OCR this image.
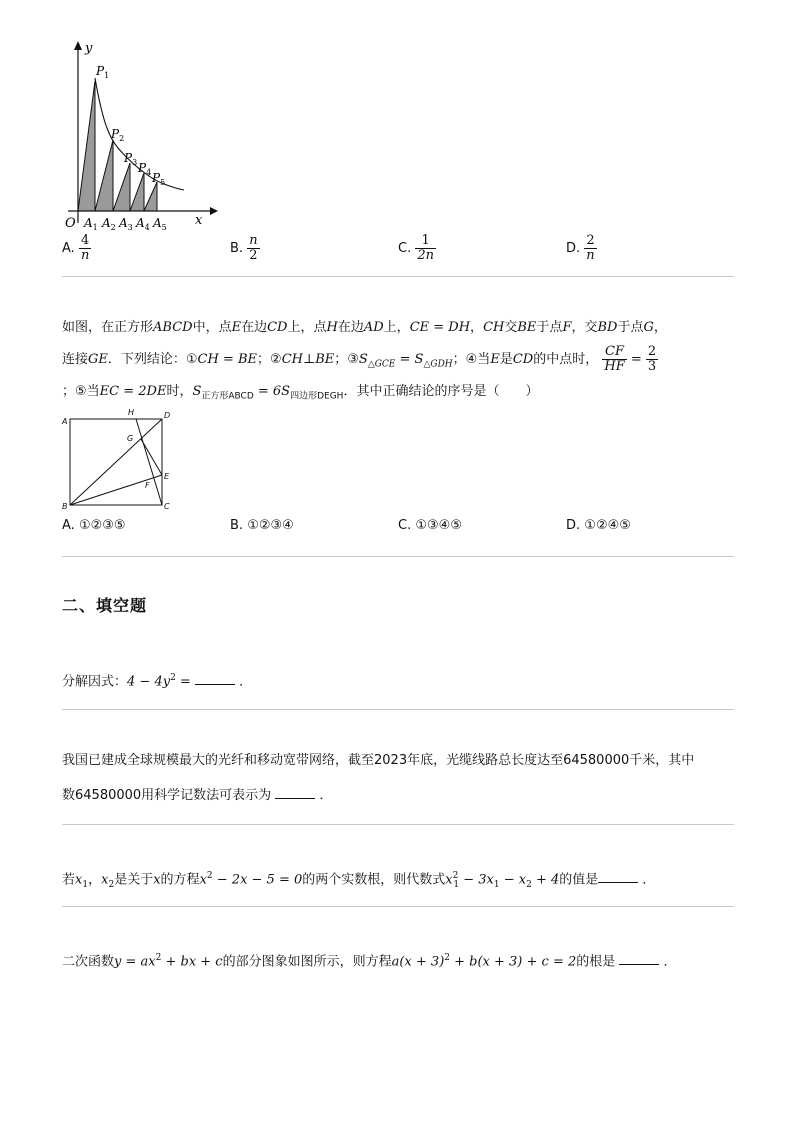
y
x
O
$P_1$
$P_2$
$P_3$ $P_4$ $P_5$
$A_1$ $A_2$ $A_3$ $A_4$ $A_5$
A. $\frac{4}{n}$	B. $\frac{n}{2}$	C. $\frac{1}{2n}$	D. $\frac{2}{n}$
如图，在正方形ABCD中，点E在边CD上，点H在边AD上，CE = DH，CH交BE于点F，交BD于点G，
连接GE．下列结论：①CH = BE；②CH⊥BE；$③S_{\triangle GCE} = S_{\triangle GDH}$；④当E是CD的中点时， $\frac{CF}{HF} = \frac{2}{3}$
；⑤当EC = 2DE时，$S_{正方形ABCD} = 6S_{四边形DEGH}$．其中正确结论的序号是（　　）
A
H	D
G
E
F
B	C
A. ①②③⑤	B. ①②③④	C. ①③④⑤	D. ①②④⑤
二、填空题
分解因式：$4 - 4y^2$ =	．
我国已建成全球规模最大的光纤和移动宽带网络，截至2023年底，光缆线路总长度达至64580000千米，其中
数64580000用科学记数法可表示为	．
若$x_1$，$x_2$是关于x的方程$x^2 - 2x - 5 = 0$的两个实数根，则代数式$x^2_1 - 3x_1 - x_2 + 4$的值是	．
二次函数$y = ax^2$ + bx + c的部分图象如图所示，则方程$a(x + 3)^2 + b(x + 3) + c = 2$的根是	．
